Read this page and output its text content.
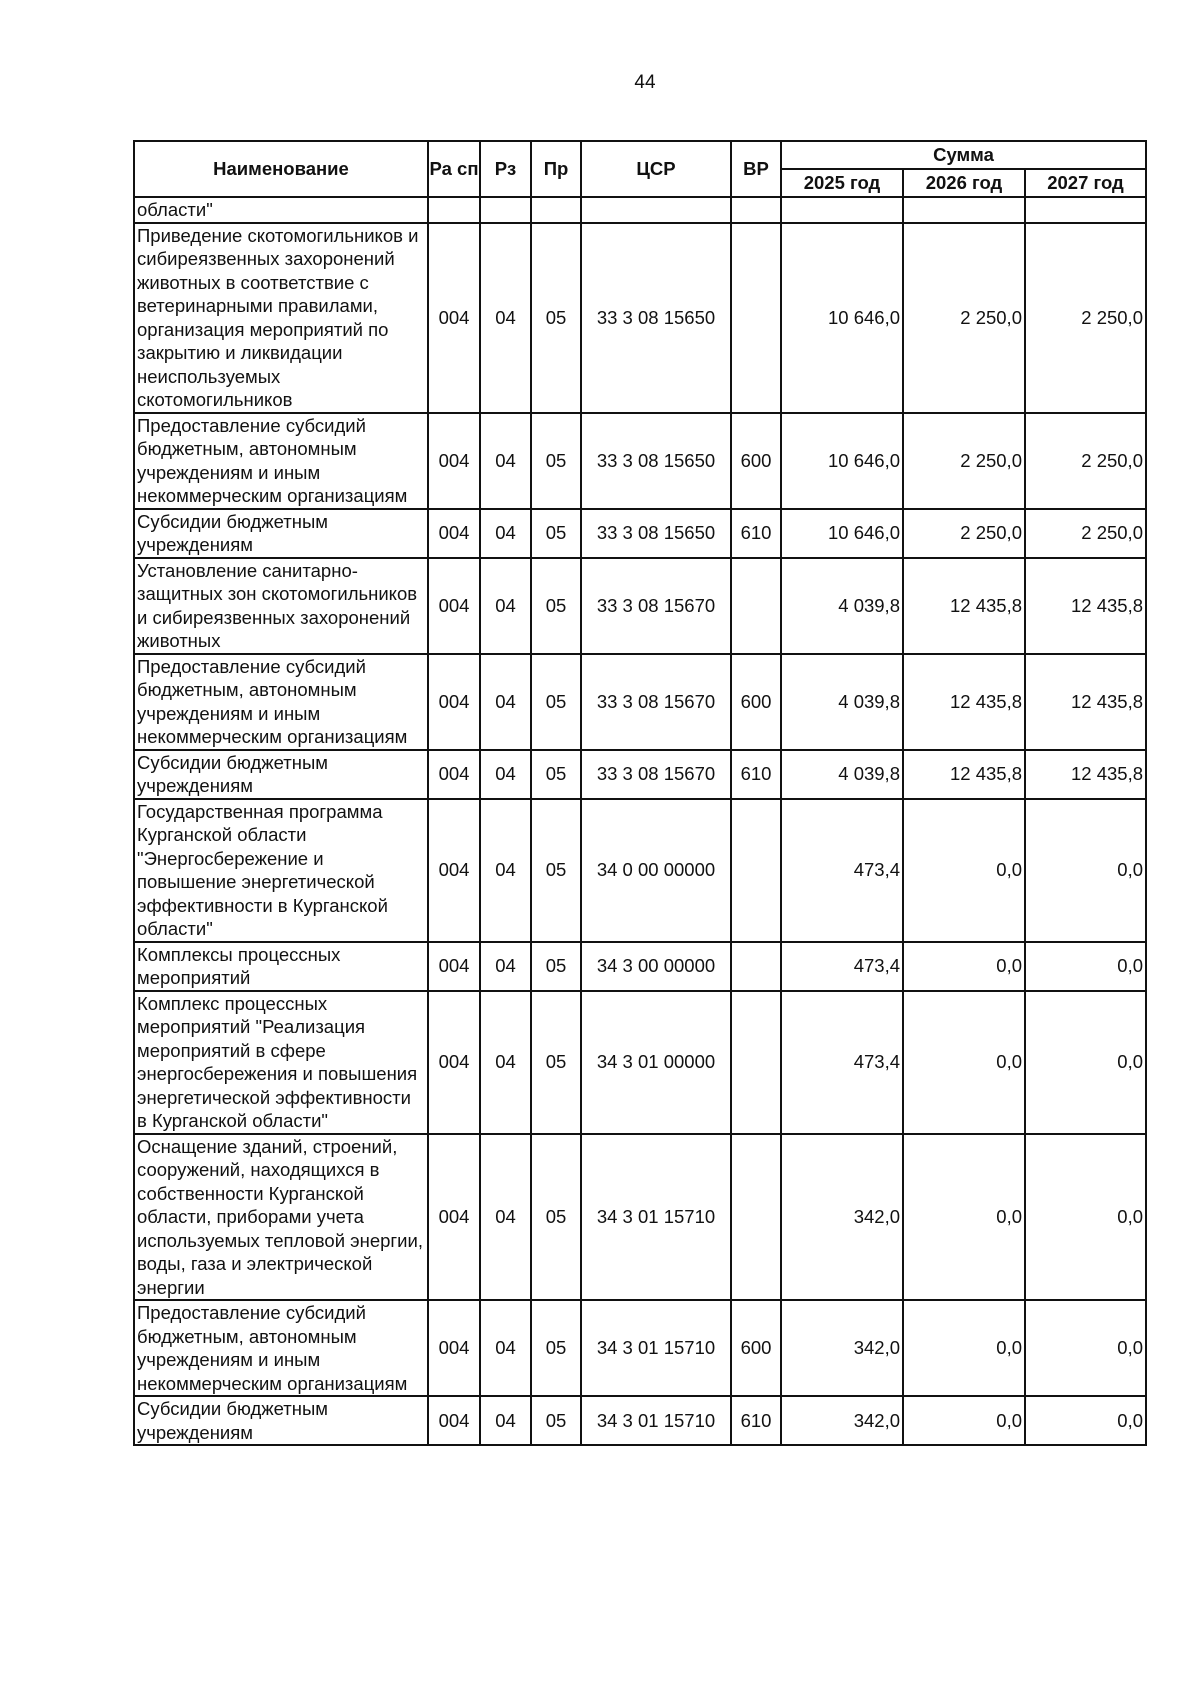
44
Наименование	Ра сп	Рз	Пр	ЦСР	ВР	Сумма		
						2025 год	2026 год	2027 год
области"								
Приведение скотомогильников и сибиреязвенных захоронений животных в соответствие с ветеринарными правилами, организация мероприятий по закрытию и ликвидации неиспользуемых скотомогильников	004	04	05	33 3 08 15650		10 646,0	2 250,0	2 250,0
Предоставление субсидий бюджетным, автономным учреждениям и иным некоммерческим организациям	004	04	05	33 3 08 15650	600	10 646,0	2 250,0	2 250,0
Субсидии бюджетным учреждениям	004	04	05	33 3 08 15650	610	10 646,0	2 250,0	2 250,0
Установление санитарно-защитных зон скотомогильников и сибиреязвенных захоронений животных	004	04	05	33 3 08 15670		4 039,8	12 435,8	12 435,8
Предоставление субсидий бюджетным, автономным учреждениям и иным некоммерческим организациям	004	04	05	33 3 08 15670	600	4 039,8	12 435,8	12 435,8
Субсидии бюджетным учреждениям	004	04	05	33 3 08 15670	610	4 039,8	12 435,8	12 435,8
Государственная программа Курганской области "Энергосбережение и повышение энергетической эффективности в Курганской области"	004	04	05	34 0 00 00000		473,4	0,0	0,0
Комплексы процессных мероприятий	004	04	05	34 3 00 00000		473,4	0,0	0,0
Комплекс процессных мероприятий "Реализация мероприятий в сфере энергосбережения и повышения энергетической эффективности в Курганской области"	004	04	05	34 3 01 00000		473,4	0,0	0,0
Оснащение зданий, строений, сооружений, находящихся в собственности Курганской области, приборами учета используемых тепловой энергии, воды, газа и электрической энергии	004	04	05	34 3 01 15710		342,0	0,0	0,0
Предоставление субсидий бюджетным, автономным учреждениям и иным некоммерческим организациям	004	04	05	34 3 01 15710	600	342,0	0,0	0,0
Субсидии бюджетным учреждениям	004	04	05	34 3 01 15710	610	342,0	0,0	0,0
